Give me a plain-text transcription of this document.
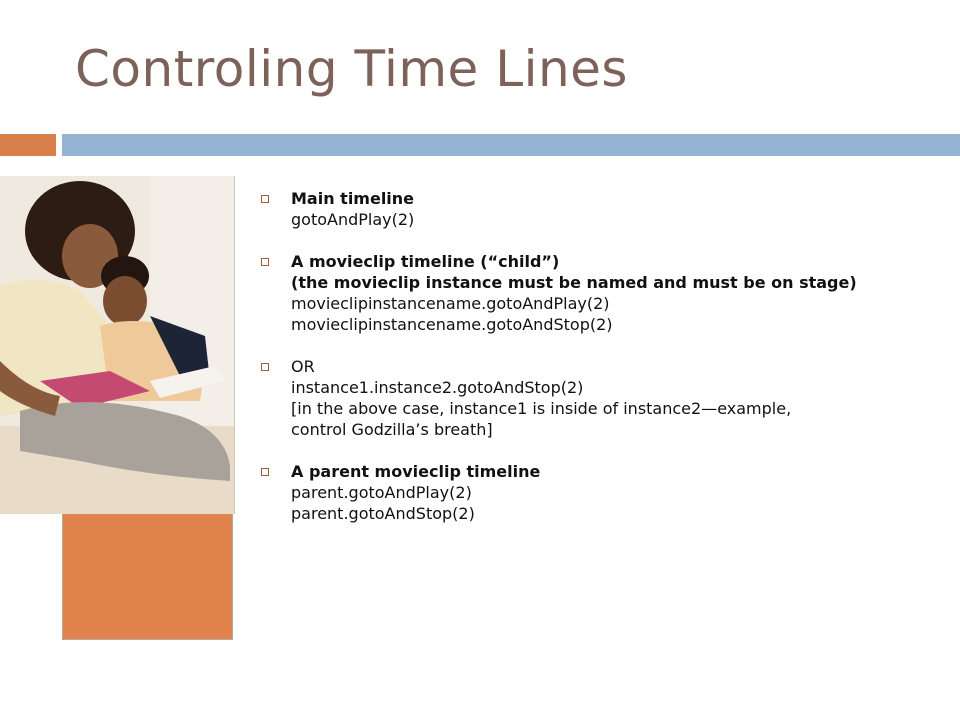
Controling Time Lines
Main timeline
gotoAndPlay(2)
A movieclip timeline (“child”)
(the movieclip instance must be named and must be on stage)
movieclipinstancename.gotoAndPlay(2)
movieclipinstancename.gotoAndStop(2)
OR
instance1.instance2.gotoAndStop(2)
[in the above case, instance1 is inside of instance2—example,
control Godzilla’s breath]
A parent movieclip timeline
parent.gotoAndPlay(2)
parent.gotoAndStop(2)
